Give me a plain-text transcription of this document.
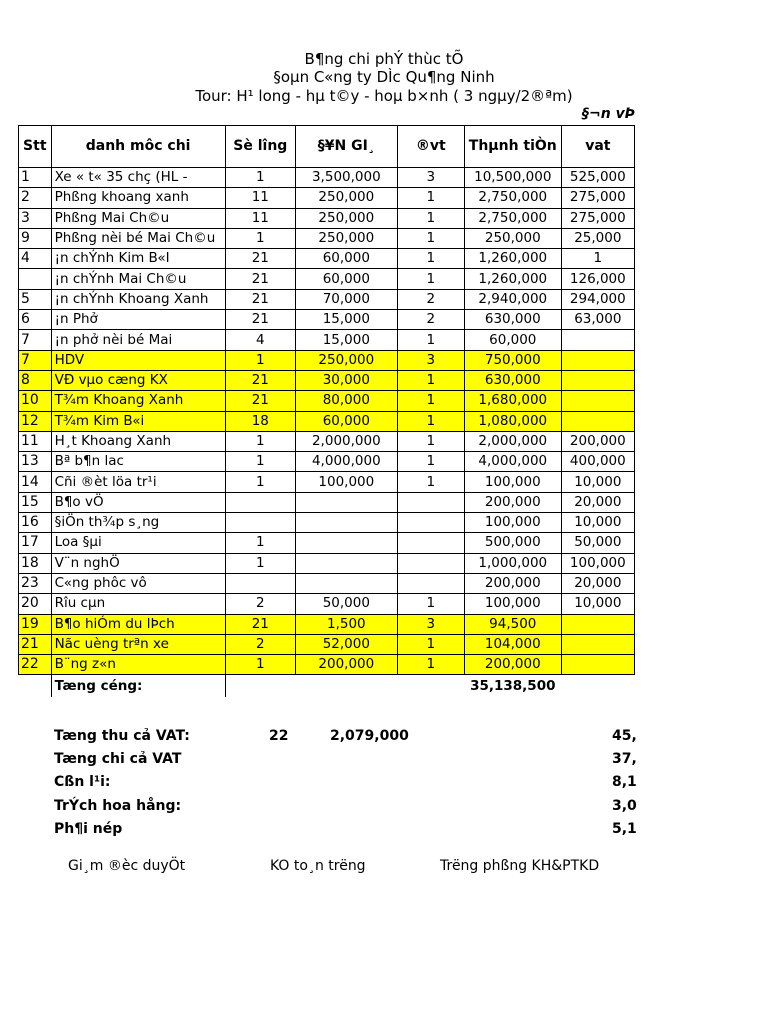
B¶ng chi phÝ thùc tÕ
§oµn C«ng ty DÌc Qu¶ng Ninh
Tour: H¹ long - hµ t©y - hoµ b×nh ( 3 ngµy/2®ªm)
§¬n vÞ
Stt	danh môc chi	Sè lîng	§¥N GI¸	®vt	Thµnh tiÒn	vat
1	Xe « t« 35 chç (HL -	1	3,500,000	3	10,500,000	525,000
2	Phßng khoang xanh	11	250,000	1	2,750,000	275,000
3	Phßng Mai Ch©u	11	250,000	1	2,750,000	275,000
9	Phßng nèi bé Mai Ch©u	1	250,000	1	250,000	25,000
4	¡n chÝnh Kim B«I	21	60,000	1	1,260,000	1
	¡n chÝnh Mai Ch©u	21	60,000	1	1,260,000	126,000
5	¡n chÝnh Khoang Xanh	21	70,000	2	2,940,000	294,000
6	¡n Phở	21	15,000	2	630,000	63,000
7	¡n phở nèi bé Mai	4	15,000	1	60,000	
7	HDV	1	250,000	3	750,000	
8	VÐ vµo cæng KX	21	30,000	1	630,000	
10	T¾m Khoang Xanh	21	80,000	1	1,680,000	
12	T¾m Kim B«i	18	60,000	1	1,080,000	
11	H¸t Khoang Xanh	1	2,000,000	1	2,000,000	200,000
13	Bª b¶n lac	1	4,000,000	1	4,000,000	400,000
14	Cñi ®èt löa tr¹i	1	100,000	1	100,000	10,000
15	B¶o vÖ				200,000	20,000
16	§iÖn th¾p s¸ng				100,000	10,000
17	Loa §µi	1			500,000	50,000
18	V¨n nghÖ	1			1,000,000	100,000
23	C«ng phôc vô				200,000	20,000
20	Rîu cµn	2	50,000	1	100,000	10,000
19	B¶o hiÓm du lÞch	21	1,500	3	94,500	
21	Nãc uèng trªn xe	2	52,000	1	104,000	
22	B¨ng z«n	1	200,000	1	200,000	
	Tæng céng:				35,138,500	
Tæng thu cả VAT:	22	2,079,000	45,
Tæng chi cả VAT	37,
Cßn l¹i:	8,1
TrÝch hoa hång:	3,0
Ph¶i nép	5,1
Gi¸m ®èc duyÖt	KO to¸n trëng	Trëng phßng KH&PTKD
